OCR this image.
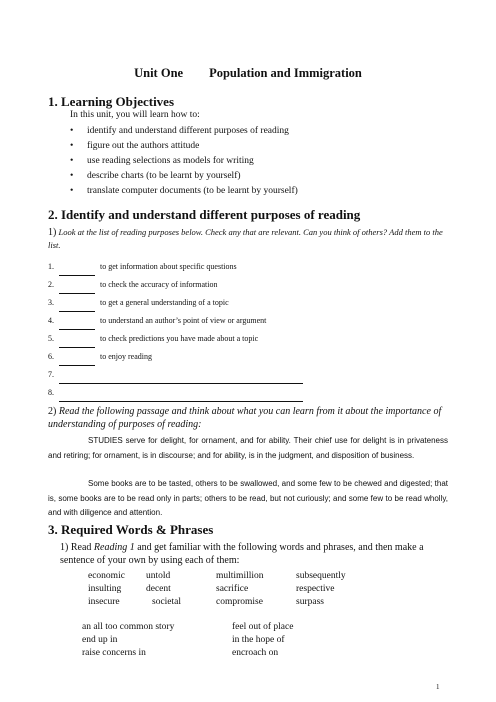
Unit One Population and Immigration
1. Learning Objectives
In this unit, you will learn how to:
•	identify and understand different purposes of reading
•	figure out the authors attitude
•	use reading selections as models for writing
•	describe charts (to be learnt by yourself)
•	translate computer documents (to be learnt by yourself)
2. Identify and understand different purposes of reading
1) Look at the list of reading purposes below. Check any that are relevant. Can you think of others? Add them to the list.
1.	to get information about specific questions
2.	to check the accuracy of information
3.	to get a general understanding of a topic
4.	to understand an author’s point of view or argument
5.	to check predictions you have made about a topic
6.	to enjoy reading
7.
8.
2) Read the following passage and think about what you can learn from it about the importance of understanding of purposes of reading:
STUDIES serve for delight, for ornament, and for ability. Their chief use for delight is in privateness and retiring; for ornament, is in discourse; and for ability, is in the judgment, and disposition of business.
Some books are to be tasted, others to be swallowed, and some few to be chewed and digested; that is, some books are to be read only in parts; others to be read, but not curiously; and some few to be read wholly, and with diligence and attention.
3. Required Words & Phrases
1) Read Reading 1 and get familiar with the following words and phrases, and then make a sentence of your own by using each of them:
economic untold	multimillion	subsequently
insulting	decent	sacrifice	respective
insecure	societal	compromise	surpass
an all too common story	feel out of place
end up in	in the hope of
raise concerns in	encroach on
1
